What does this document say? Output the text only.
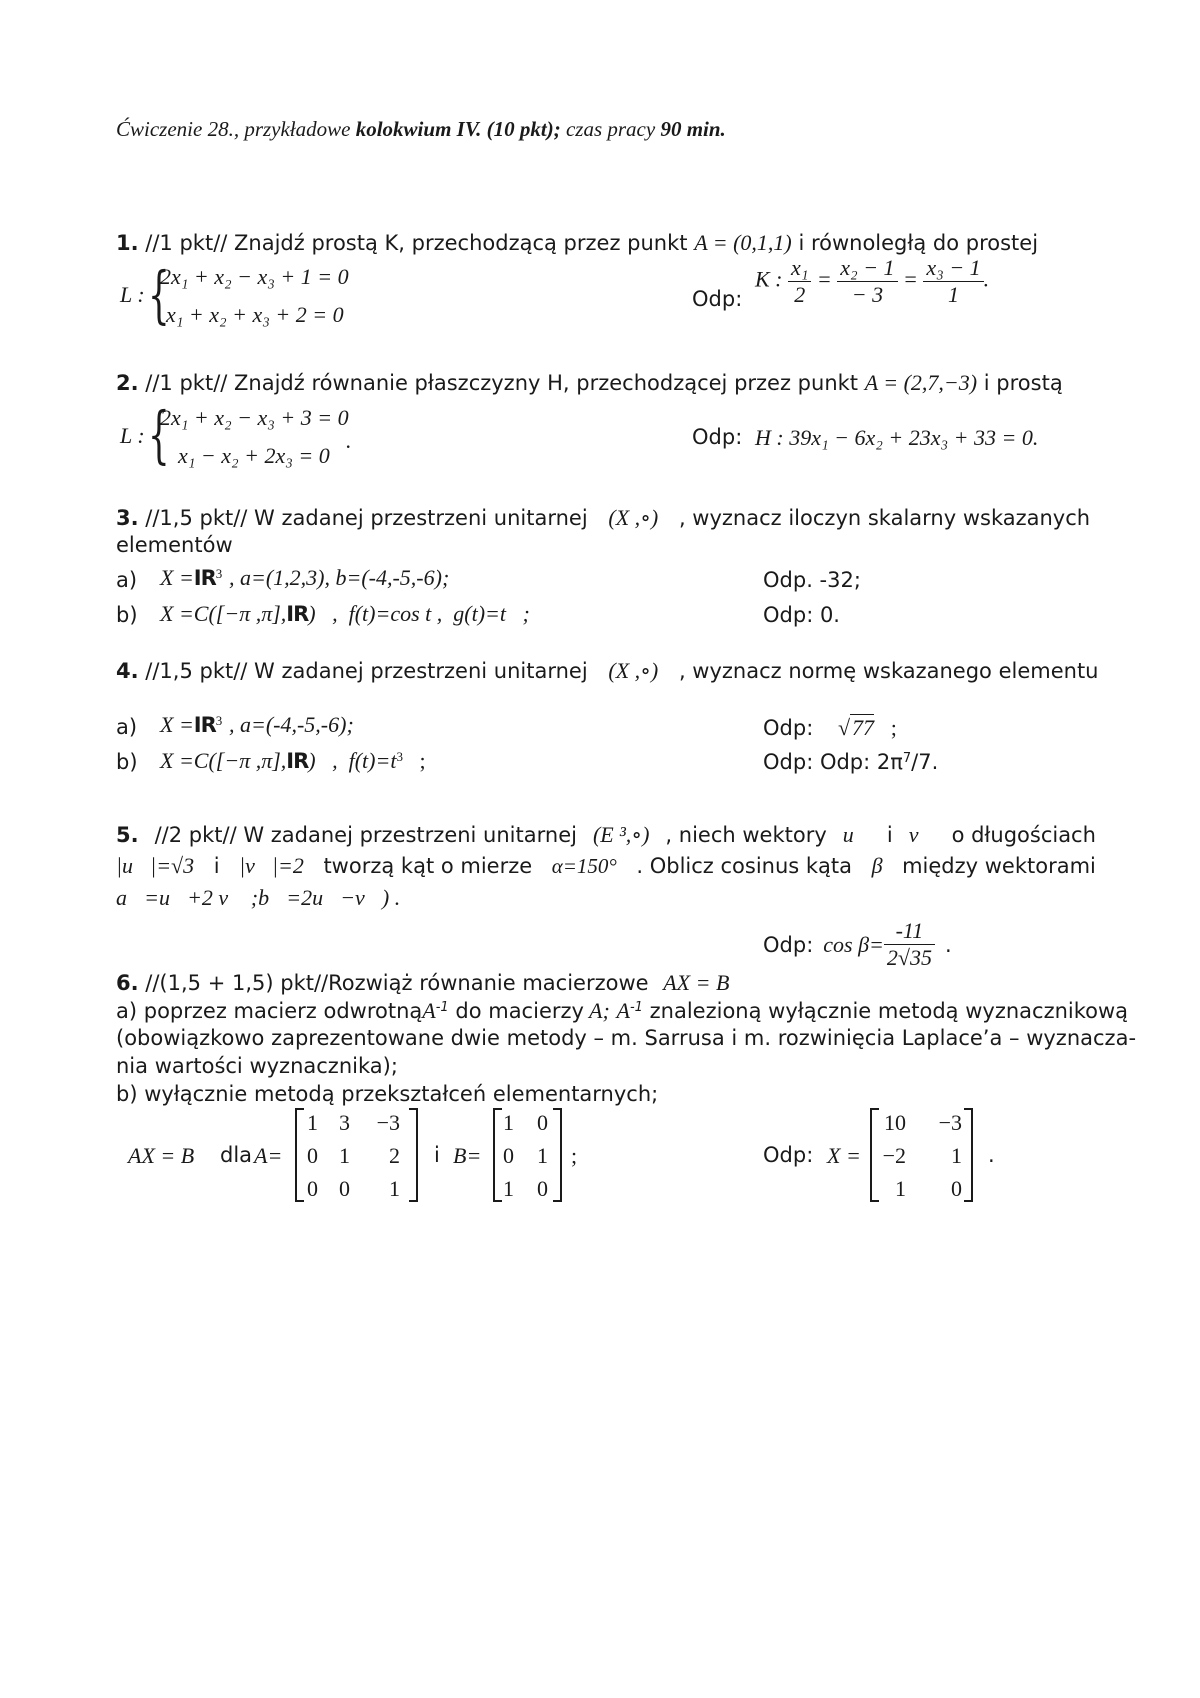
Ćwiczenie 28., przykładowe kolokwium IV. (10 pkt); czas pracy 90 min.
1. //1 pkt// Znajdź prostą K, przechodzącą przez punkt A = (0,1,1) i równoległą do prostej
L : {
2x₁ + x₂ − x₃ + 1 = 0
x₁ + x₂ + x₃ + 2 = 0
Odp:
K : $\frac{\text{x₁}}{2} = \frac{\text{x₂ − 1}}{- 3} = \frac{\text{x₃ − 1}}{1}$ .
2. //1 pkt// Znajdź równanie płaszczyzny H, przechodzącej przez punkt A = (2,7,−3) i prostą
L : {
2x₁ + x₂ − x₃ + 3 = 0
x₁ − x₂ + 2x₃ = 0
.	Odp: H : 39x₁ − 6x₂ + 23x₃ + 33 = 0.
3. //1,5 pkt// W zadanej przestrzeni unitarnej (X ,∘) , wyznacz iloczyn skalarny wskazanych
elementów
a) $X =IR^3$ , a=(1,2,3), b=(-4,-5,-6);	Odp. -32;
b) X =C([−π ,π],IR)   ,  f(t)=cos t ,  g(t)=t   ;	Odp: 0.
4. //1,5 pkt// W zadanej przestrzeni unitarnej (X ,∘) , wyznacz normę wskazanego elementu
a) $X =IR^3$ , a=(-4,-5,-6);	Odp: √77 ;
b) X =C([−π ,π],IR)   ,  $f(t)=t^3$   ;	Odp: Odp: $2\pi^7/7$.
5. //2 pkt// W zadanej przestrzeni unitarnej (E ³,∘) , niech wektory u⃗ i v⃗ o długościach
|u⃗|=√3 i |v⃗|=2 tworzą kąt o mierze α=150° . Oblicz cosinus kąta β między wektorami
a⃗=u⃗+2 v⃗ ;b⃗=2u⃗−v⃗) .
Odp: $\cos \beta= \frac{-11}{2√35}$ .
6. //(1,5 + 1,5) pkt//Rozwiąż równanie macierzowe AX = B
a) poprzez macierz odwrotnąA$^{-1}$ do macierzy A; $A^{-1}$ znalezioną wyłącznie metodą wyznacznikową
(obowiązkowo zaprezentowane dwie metody – m. Sarrusa i m. rozwinięcia Laplace’a – wyznacza-
nia wartości wyznacznika);
b) wyłącznie metodą przekształceń elementarnych;
AX = B dla A=
1 3	−3
0 1	2
0 0	1
i B=
1	0
0	1
1	0
;	Odp: X =
10	−3
−2	1
1	0
.
